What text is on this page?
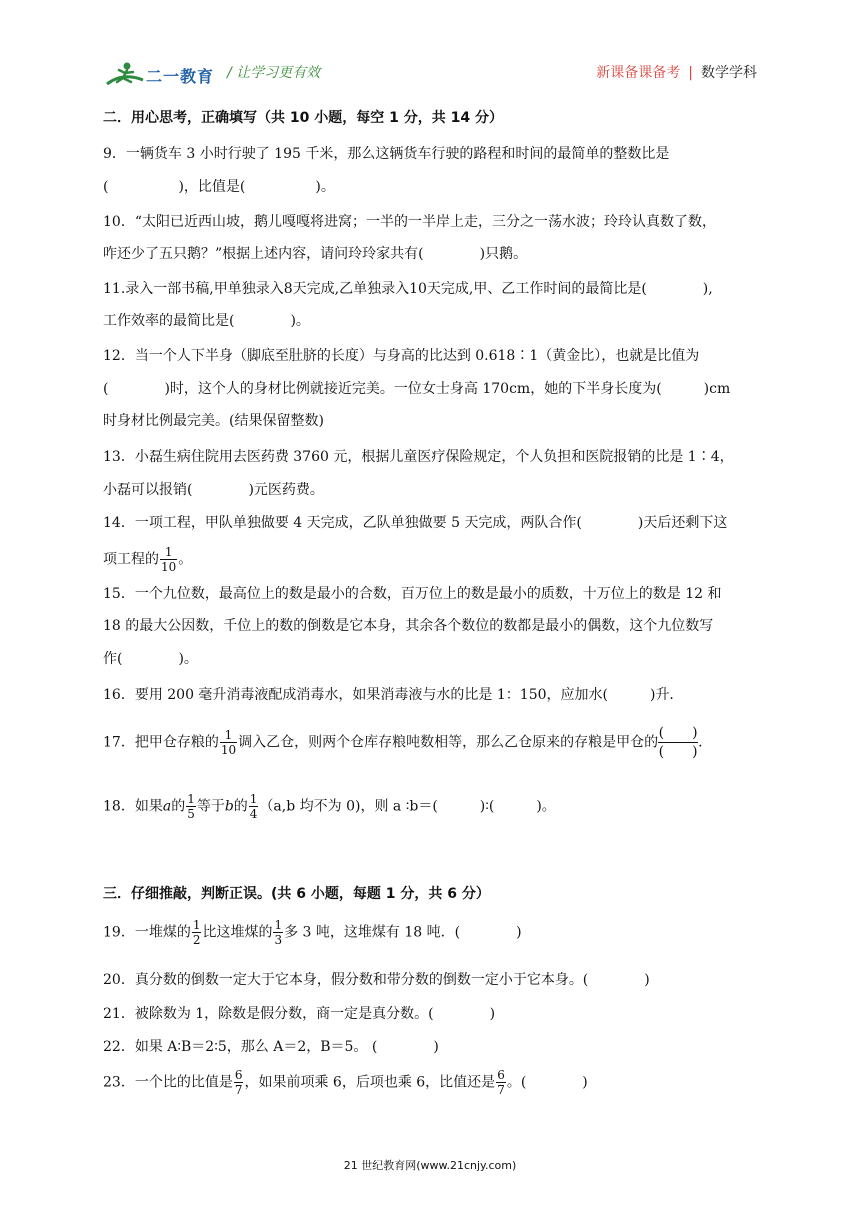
二一教育 / 让学习更有效	新课备课备考 | 数学学科
二．用心思考，正确填写（共 10 小题，每空 1 分，共 14 分）
9．一辆货车 3 小时行驶了 195 千米，那么这辆货车行驶的路程和时间的最简单的整数比是
(　　　　　)，比值是(　　　　　)。
10．“太阳已近西山坡，鹅儿嘎嘎将进窝；一半的一半岸上走，三分之一荡水波；玲玲认真数了数，
咋还少了五只鹅？”根据上述内容，请问玲玲家共有(　　　　)只鹅。
11.录入一部书稿,甲单独录入8天完成,乙单独录入10天完成,甲、乙工作时间的最简比是(　　　　),
工作效率的最简比是(　　　　)。
12．当一个人下半身（脚底至肚脐的长度）与身高的比达到 0.618∶1（黄金比），也就是比值为
(　　　　)时，这个人的身材比例就接近完美。一位女士身高 170cm，她的下半身长度为(　　　)cm
时身材比例最完美。(结果保留整数)
13．小磊生病住院用去医药费 3760 元，根据儿童医疗保险规定，个人负担和医院报销的比是 1∶4，
小磊可以报销(　　　　)元医药费。
14．一项工程，甲队单独做要 4 天完成，乙队单独做要 5 天完成，两队合作(　　　　)天后还剩下这
项工程的 $\frac{1}{10}$ 。
15．一个九位数，最高位上的数是最小的合数，百万位上的数是最小的质数，十万位上的数是 12 和
18 的最大公因数，千位上的数的倒数是它本身，其余各个数位的数都是最小的偶数，这个九位数写
作(　　　　)。
16．要用 200 毫升消毒液配成消毒水，如果消毒液与水的比是 1：150，应加水(　　　)升．
17．把甲仓存粮的 $\frac{1}{10}$ 调入乙仓，则两个仓库存粮吨数相等，那么乙仓原来的存粮是甲仓的
(　　)
(　　).
18．如果a的 $\frac{1}{5}$ 等于b的 $\frac{1}{4} (a,b$ 均不为 0)，则 a ∶b＝(　　　)∶(　　　)。
三．仔细推敲，判断正误。(共 6 小题，每题 1 分，共 6 分）
19．一堆煤的 $\frac{1}{2}$ 比这堆煤的 $\frac{1}{3}$ 多 3 吨，这堆煤有 18 吨．(　　　　)
20．真分数的倒数一定大于它本身，假分数和带分数的倒数一定小于它本身。(　　　　)
21．被除数为 1，除数是假分数，商一定是真分数。(　　　　)
22．如果 A∶B＝2∶5，那么 A＝2，B＝5。 (　　　　)
23．一个比的比值是 $\frac{6}{7}$ ，如果前项乘 6，后项也乘 6，比值还是 $\frac{6}{7}$ 。(　　　　)
21 世纪教育网(www.21cnjy.com)
